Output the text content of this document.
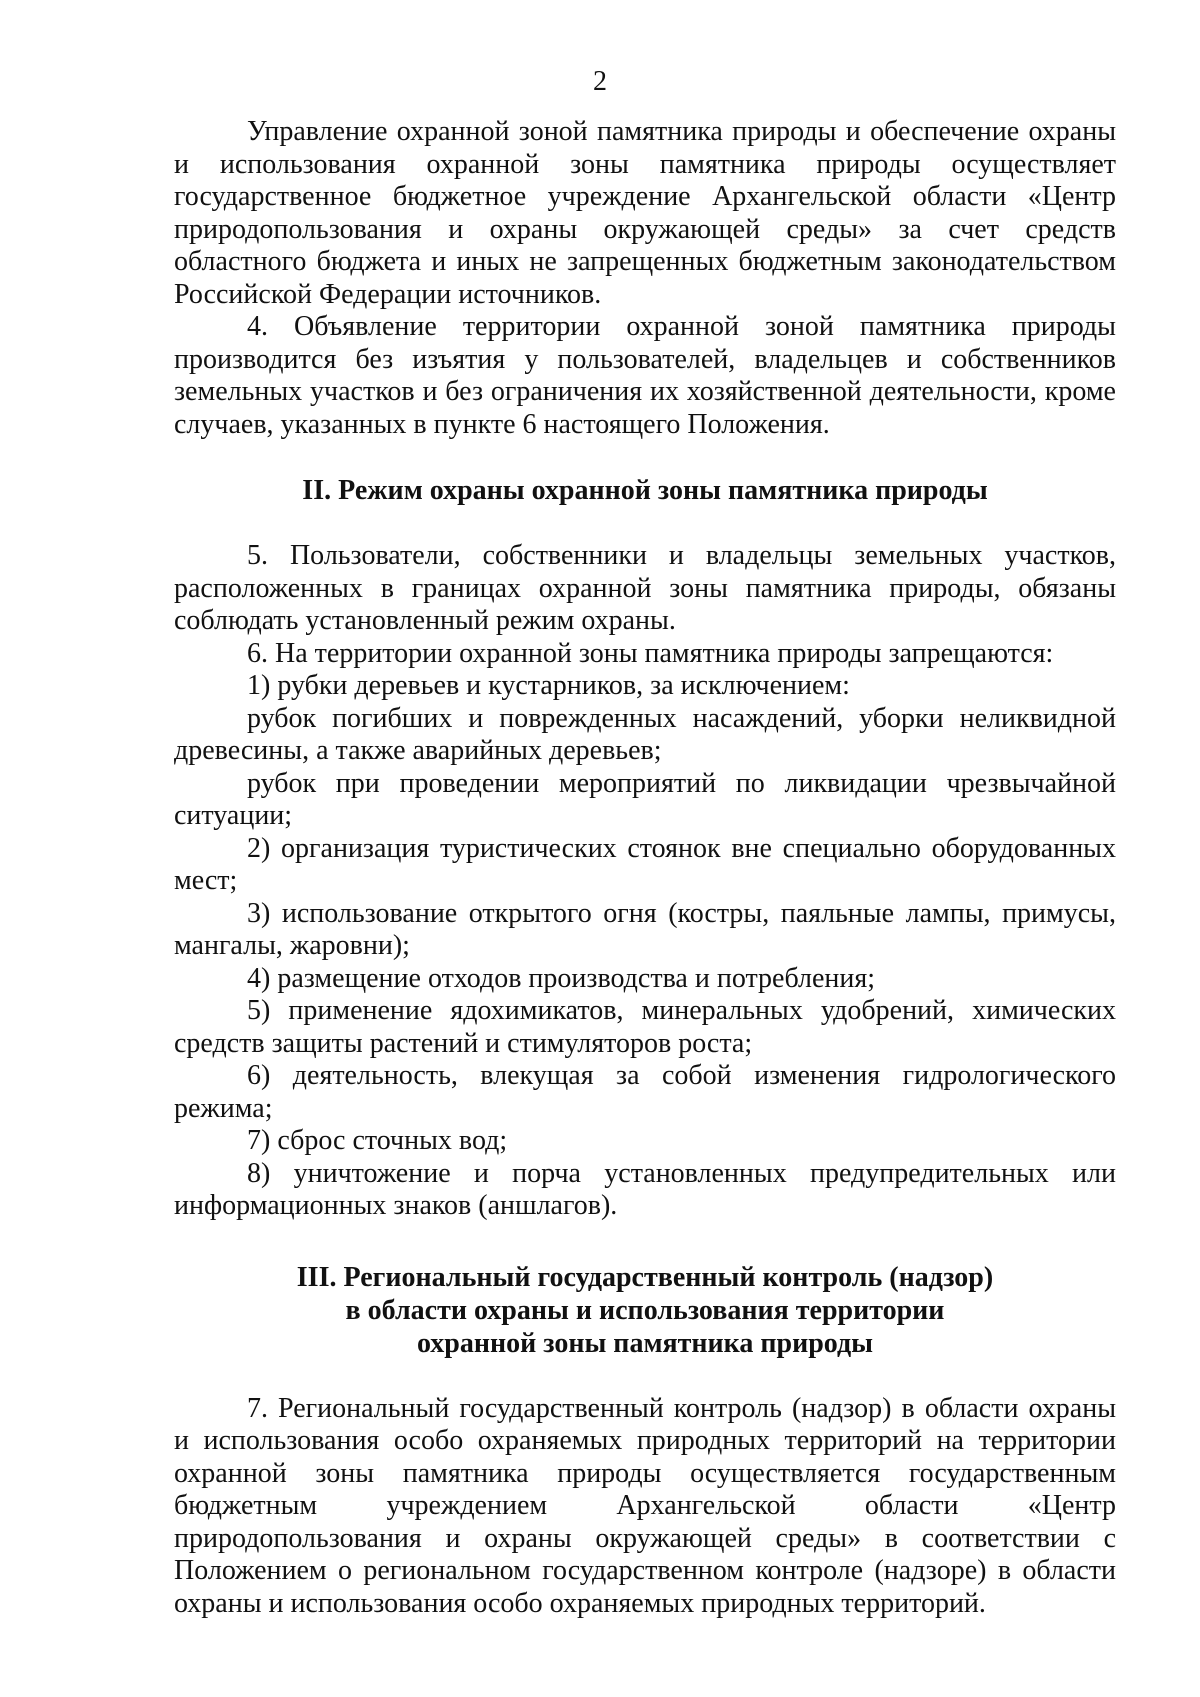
2

Управление охранной зоной памятника природы и обеспечение охраны и использования охранной зоны памятника природы осуществляет государственное бюджетное учреждение Архангельской области «Центр природопользования и охраны окружающей среды» за счет средств областного бюджета и иных не запрещенных бюджетным законодательством Российской Федерации источников.

4. Объявление территории охранной зоной памятника природы производится без изъятия у пользователей, владельцев и собственников земельных участков и без ограничения их хозяйственной деятельности, кроме случаев, указанных в пункте 6 настоящего Положения.

II. Режим охраны охранной зоны памятника природы

5. Пользователи, собственники и владельцы земельных участков, расположенных в границах охранной зоны памятника природы, обязаны соблюдать установленный режим охраны.

6. На территории охранной зоны памятника природы запрещаются:

1) рубки деревьев и кустарников, за исключением:

рубок погибших и поврежденных насаждений, уборки неликвидной древесины, а также аварийных деревьев;

рубок при проведении мероприятий по ликвидации чрезвычайной ситуации;

2) организация туристических стоянок вне специально оборудованных мест;

3) использование открытого огня (костры, паяльные лампы, примусы, мангалы, жаровни);

4) размещение отходов производства и потребления;

5) применение ядохимикатов, минеральных удобрений, химических средств защиты растений и стимуляторов роста;

6) деятельность, влекущая за собой изменения гидрологического режима;

7) сброс сточных вод;

8) уничтожение и порча установленных предупредительных или информационных знаков (аншлагов).

III. Региональный государственный контроль (надзор)
в области охраны и использования территории
охранной зоны памятника природы

7. Региональный государственный контроль (надзор) в области охраны и использования особо охраняемых природных территорий на территории охранной зоны памятника природы осуществляется государственным бюджетным учреждением Архангельской области «Центр природопользования и охраны окружающей среды» в соответствии с Положением о региональном государственном контроле (надзоре) в области охраны и использования особо охраняемых природных территорий.
